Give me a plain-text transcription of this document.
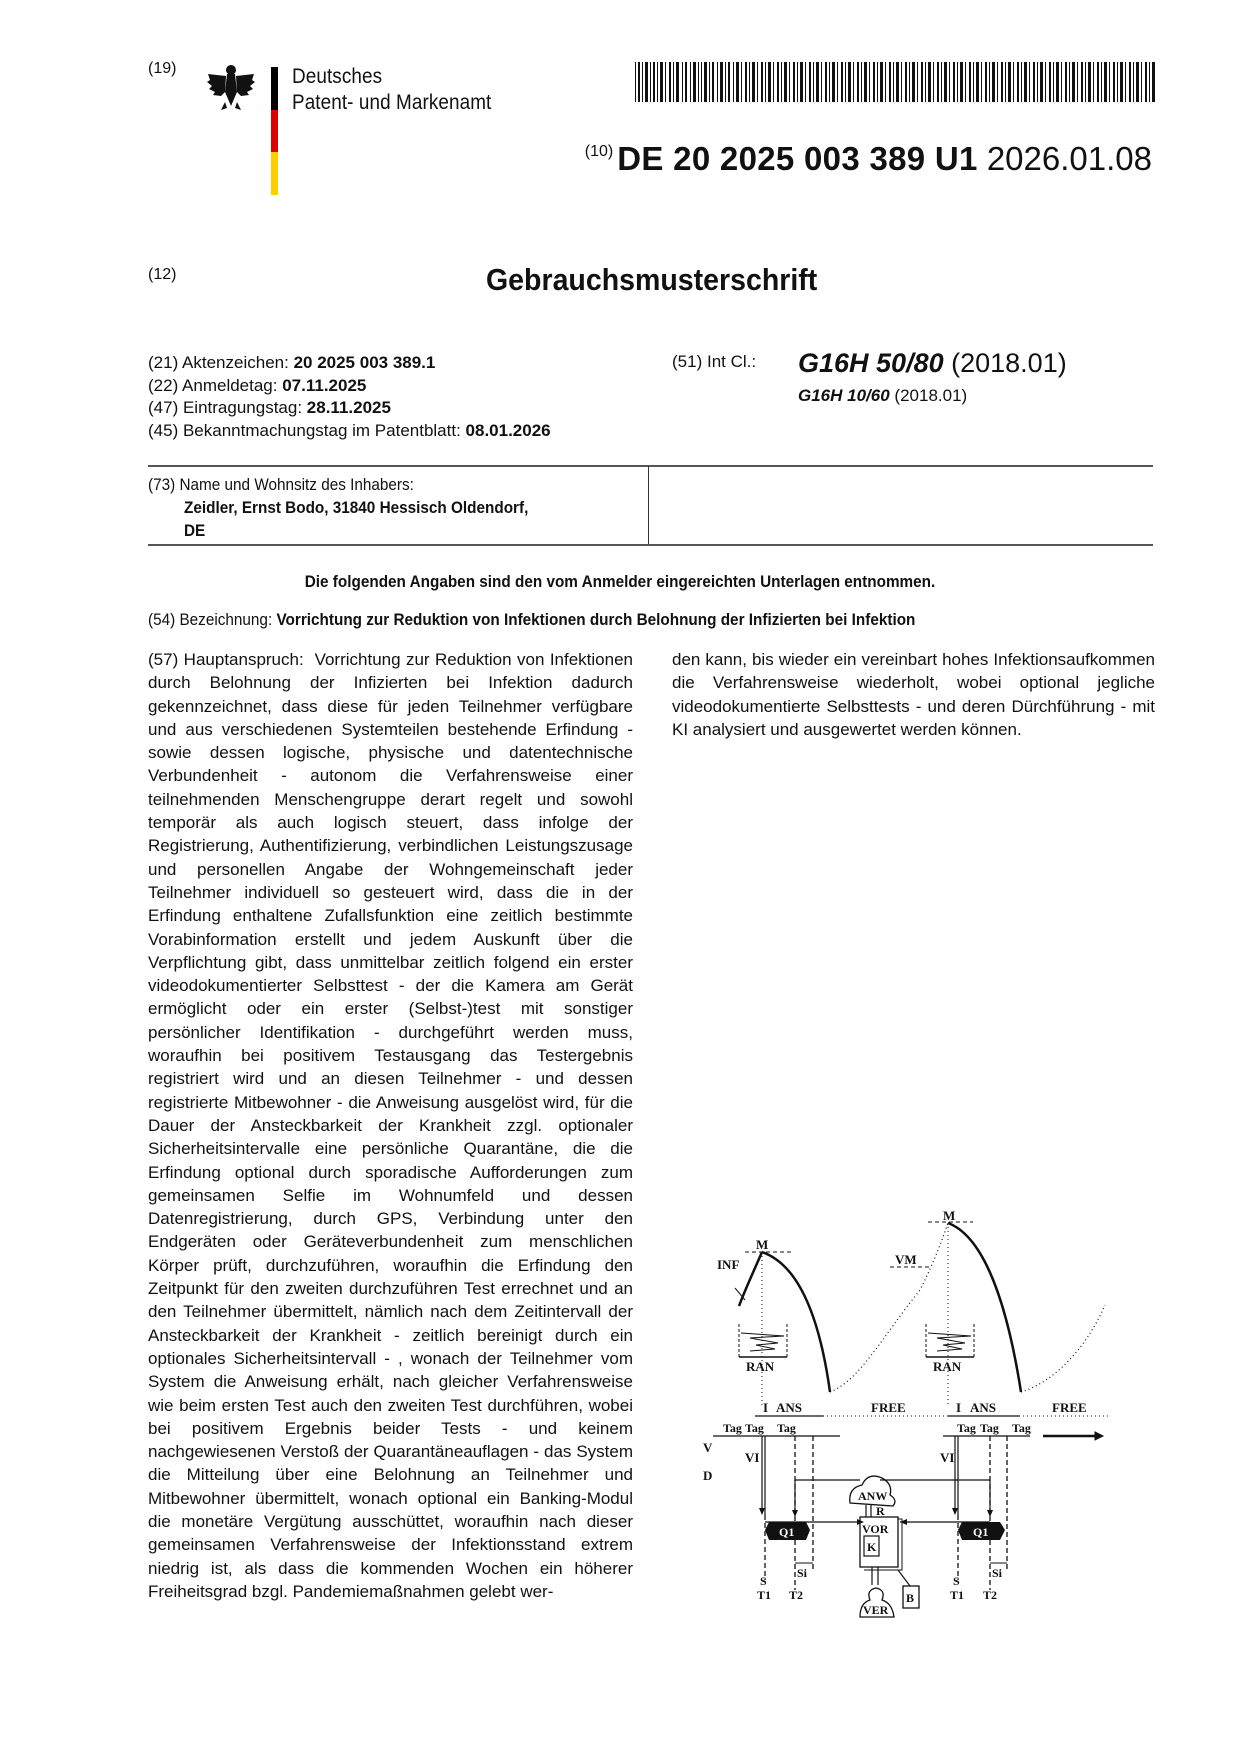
(19)	Deutsches
Patent- und Markenamt
$^{(10)}$ DE 20 2025 003 389 U1 2026.01.08
(12)	Gebrauchsmusterschrift
(21) Aktenzeichen: 20 2025 003 389.1
(22) Anmeldetag: 07.11.2025
(47) Eintragungstag: 28.11.2025
(45) Bekanntmachungstag im Patentblatt: 08.01.2026
(51) Int Cl.: G16H 50/80 (2018.01)
G16H 10/60 (2018.01)
(73) Name und Wohnsitz des Inhabers:
Zeidler, Ernst Bodo, 31840 Hessisch Oldendorf,
DE
Die folgenden Angaben sind den vom Anmelder eingereichten Unterlagen entnommen.
(54) Bezeichnung: Vorrichtung zur Reduktion von Infektionen durch Belohnung der Infizierten bei Infektion
(57) Hauptanspruch: Vorrichtung zur Reduktion von Infektionen durch Belohnung der Infizierten bei Infektion dadurch gekennzeichnet, dass diese für jeden Teilnehmer verfügbare und aus verschiedenen Systemteilen bestehende Erfindung - sowie dessen logische, physische und datentechnische Verbundenheit - autonom die Verfahrensweise einer teilnehmenden Menschengruppe derart regelt und sowohl temporär als auch logisch steuert, dass infolge der Registrierung, Authentifizierung, verbindlichen Leistungszusage und personellen Angabe der Wohngemeinschaft jeder Teilnehmer individuell so gesteuert wird, dass die in der Erfindung enthaltene Zufallsfunktion eine zeitlich bestimmte Vorabinformation erstellt und jedem Auskunft über die Verpflichtung gibt, dass unmittelbar zeitlich folgend ein erster videodokumentierter Selbsttest - der die Kamera am Gerät ermöglicht oder ein erster (Selbst-)test mit sonstiger persönlicher Identifikation - durchgeführt werden muss, woraufhin bei positivem Testausgang das Testergebnis registriert wird und an diesen Teilnehmer - und dessen registrierte Mitbewohner - die Anweisung ausgelöst wird, für die Dauer der Ansteckbarkeit der Krankheit zzgl. optionaler Sicherheitsintervalle eine persönliche Quarantäne, die die Erfindung optional durch sporadische Aufforderungen zum gemeinsamen Selfie im Wohnumfeld und dessen Datenregistrierung, durch GPS, Verbindung unter den Endgeräten oder Geräteverbundenheit zum menschlichen Körper prüft, durchzuführen, woraufhin die Erfindung den Zeitpunkt für den zweiten durchzuführen Test errechnet und an den Teilnehmer übermittelt, nämlich nach dem Zeitintervall der Ansteckbarkeit der Krankheit - zeitlich bereinigt durch ein optionales Sicherheitsintervall - , wonach der Teilnehmer vom System die Anweisung erhält, nach gleicher Verfahrensweise wie beim ersten Test auch den zweiten Test durchführen, wobei bei positivem Ergebnis beider Tests - und keinem nachgewiesenen Verstoß der Quarantäneauflagen - das System die Mitteilung über eine Belohnung an Teilnehmer und Mitbewohner übermittelt, wonach optional ein Banking-Modul die monetäre Vergütung ausschüttet, woraufhin nach dieser gemeinsamen Verfahrensweise der Infektionsstand extrem niedrig ist, als dass die kommenden Wochen ein höherer Freiheitsgrad bzgl. Pandemiemaßnahmen gelebt wer-
den kann, bis wieder ein vereinbart hohes Infektionsaufkommen die Verfahrensweise wiederholt, wobei optional jegliche videodokumentierte Selbsttests - und deren Dürchführung - mit KI analysiert und ausgewertet werden können.
INF
M
M
VM
RAN	RAN
I ANS	FREE	I ANS	FREE
Tag Tag Tag	Tag Tag Tag
V
D
VI	VI
ANW
R
VOR
K
Q1	Q1
S	S
Si	Si
T1 T2	T1 T2
VER
B
